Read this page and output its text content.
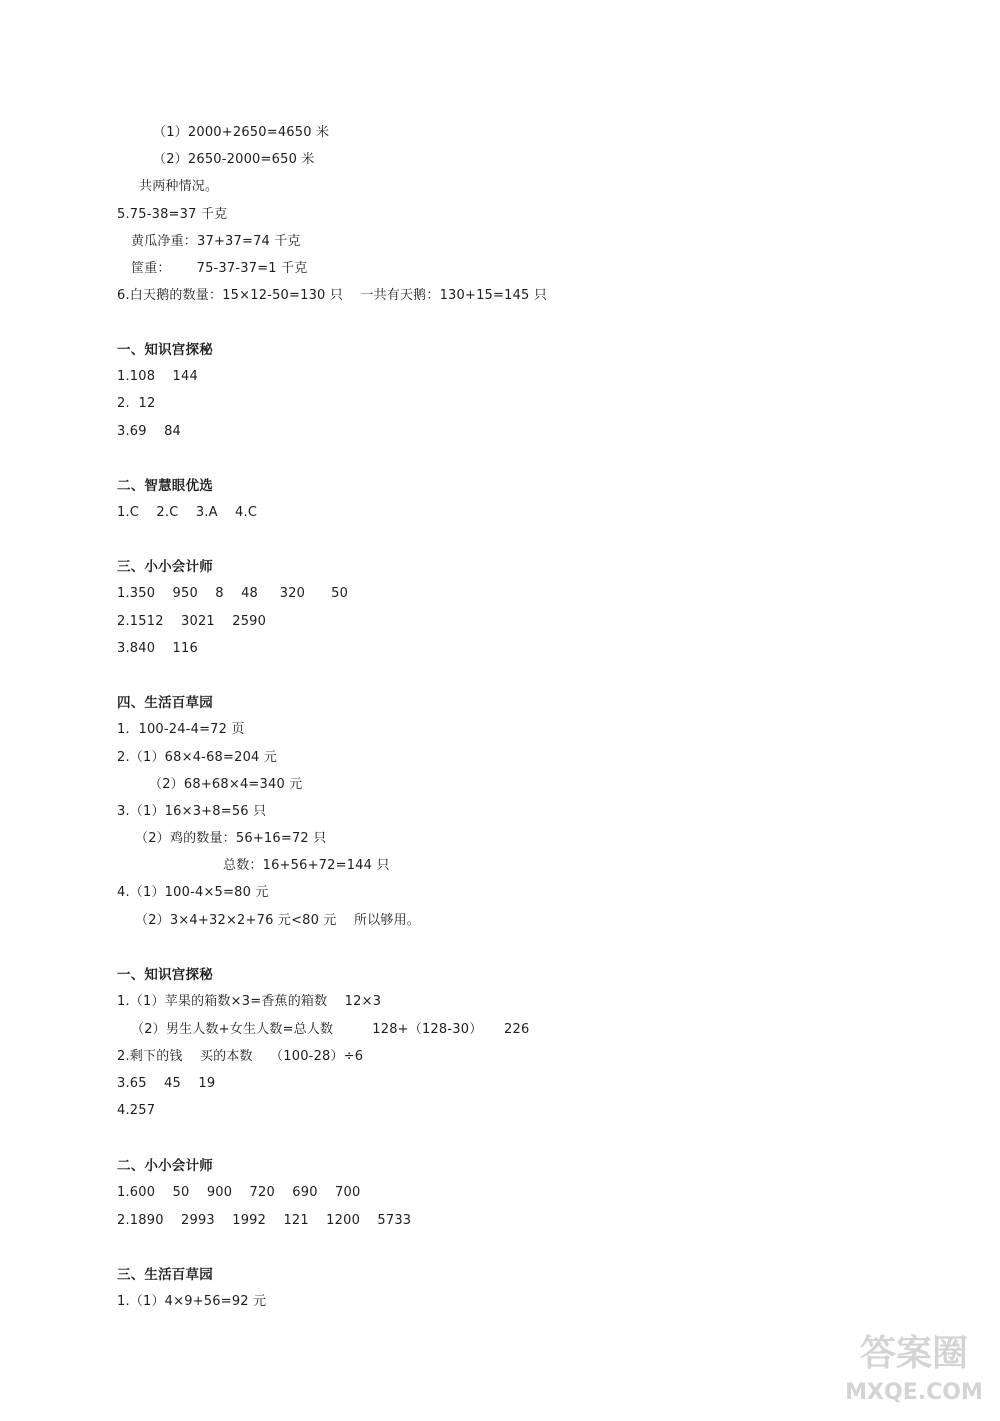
（1）2000+2650=4650 米
（2）2650-2000=650 米
共两种情况。
5.75-38=37 千克
黄瓜净重：37+37=74 千克
筐重：      75-37-37=1 千克
6.白天鹅的数量：15×12-50=130 只    一共有天鹅：130+15=145 只
一、知识宫探秘
1.108    144
2.  12
3.69    84
二、智慧眼优选
1.C    2.C    3.A    4.C
三、小小会计师
1.350    950    8    48     320      50
2.1512    3021    2590
3.840    116
四、生活百草园
1.  100-24-4=72 页
2.（1）68×4-68=204 元
（2）68+68×4=340 元
3.（1）16×3+8=56 只
（2）鸡的数量：56+16=72 只
总数：16+56+72=144 只
4.（1）100-4×5=80 元
（2）3×4+32×2+76 元<80 元    所以够用。
一、知识宫探秘
1.（1）苹果的箱数×3=香蕉的箱数    12×3
（2）男生人数+女生人数=总人数         128+（128-30）     226
2.剩下的钱    买的本数    （100-28）÷6
3.65    45    19
4.257
二、小小会计师
1.600    50    900    720    690    700
2.1890    2993    1992    121    1200    5733
三、生活百草园
1.（1）4×9+56=92 元
答案圈
MXQE.COM
